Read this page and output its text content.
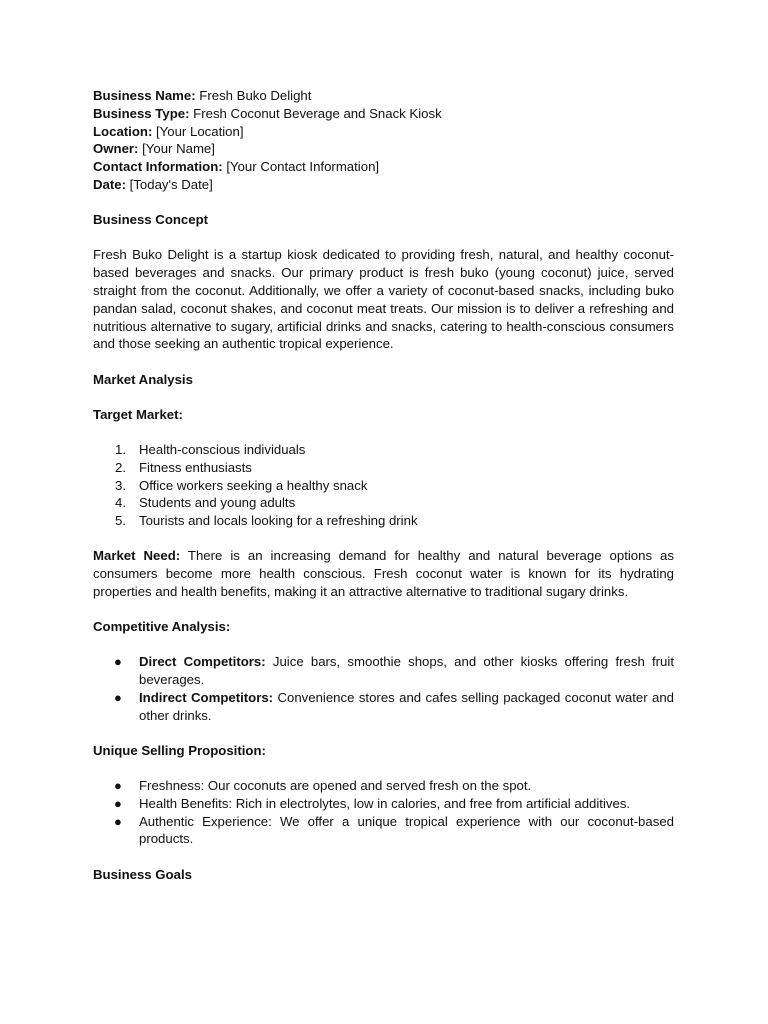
Business Name: Fresh Buko Delight

Business Type: Fresh Coconut Beverage and Snack Kiosk

Location: [Your Location]

Owner: [Your Name]

Contact Information: [Your Contact Information]

Date: [Today's Date]

Business Concept

Fresh Buko Delight is a startup kiosk dedicated to providing fresh, natural, and healthy coconut-based beverages and snacks. Our primary product is fresh buko (young coconut) juice, served straight from the coconut. Additionally, we offer a variety of coconut-based snacks, including buko pandan salad, coconut shakes, and coconut meat treats. Our mission is to deliver a refreshing and nutritious alternative to sugary, artificial drinks and snacks, catering to health-conscious consumers and those seeking an authentic tropical experience.

Market Analysis

Target Market:

1. Health-conscious individuals
2. Fitness enthusiasts
3. Office workers seeking a healthy snack
4. Students and young adults
5. Tourists and locals looking for a refreshing drink

Market Need: There is an increasing demand for healthy and natural beverage options as consumers become more health conscious. Fresh coconut water is known for its hydrating properties and health benefits, making it an attractive alternative to traditional sugary drinks.

Competitive Analysis:

● Direct Competitors: Juice bars, smoothie shops, and other kiosks offering fresh fruit beverages.
● Indirect Competitors: Convenience stores and cafes selling packaged coconut water and other drinks.

Unique Selling Proposition:

● Freshness: Our coconuts are opened and served fresh on the spot.
● Health Benefits: Rich in electrolytes, low in calories, and free from artificial additives.
● Authentic Experience: We offer a unique tropical experience with our coconut-based products.

Business Goals
